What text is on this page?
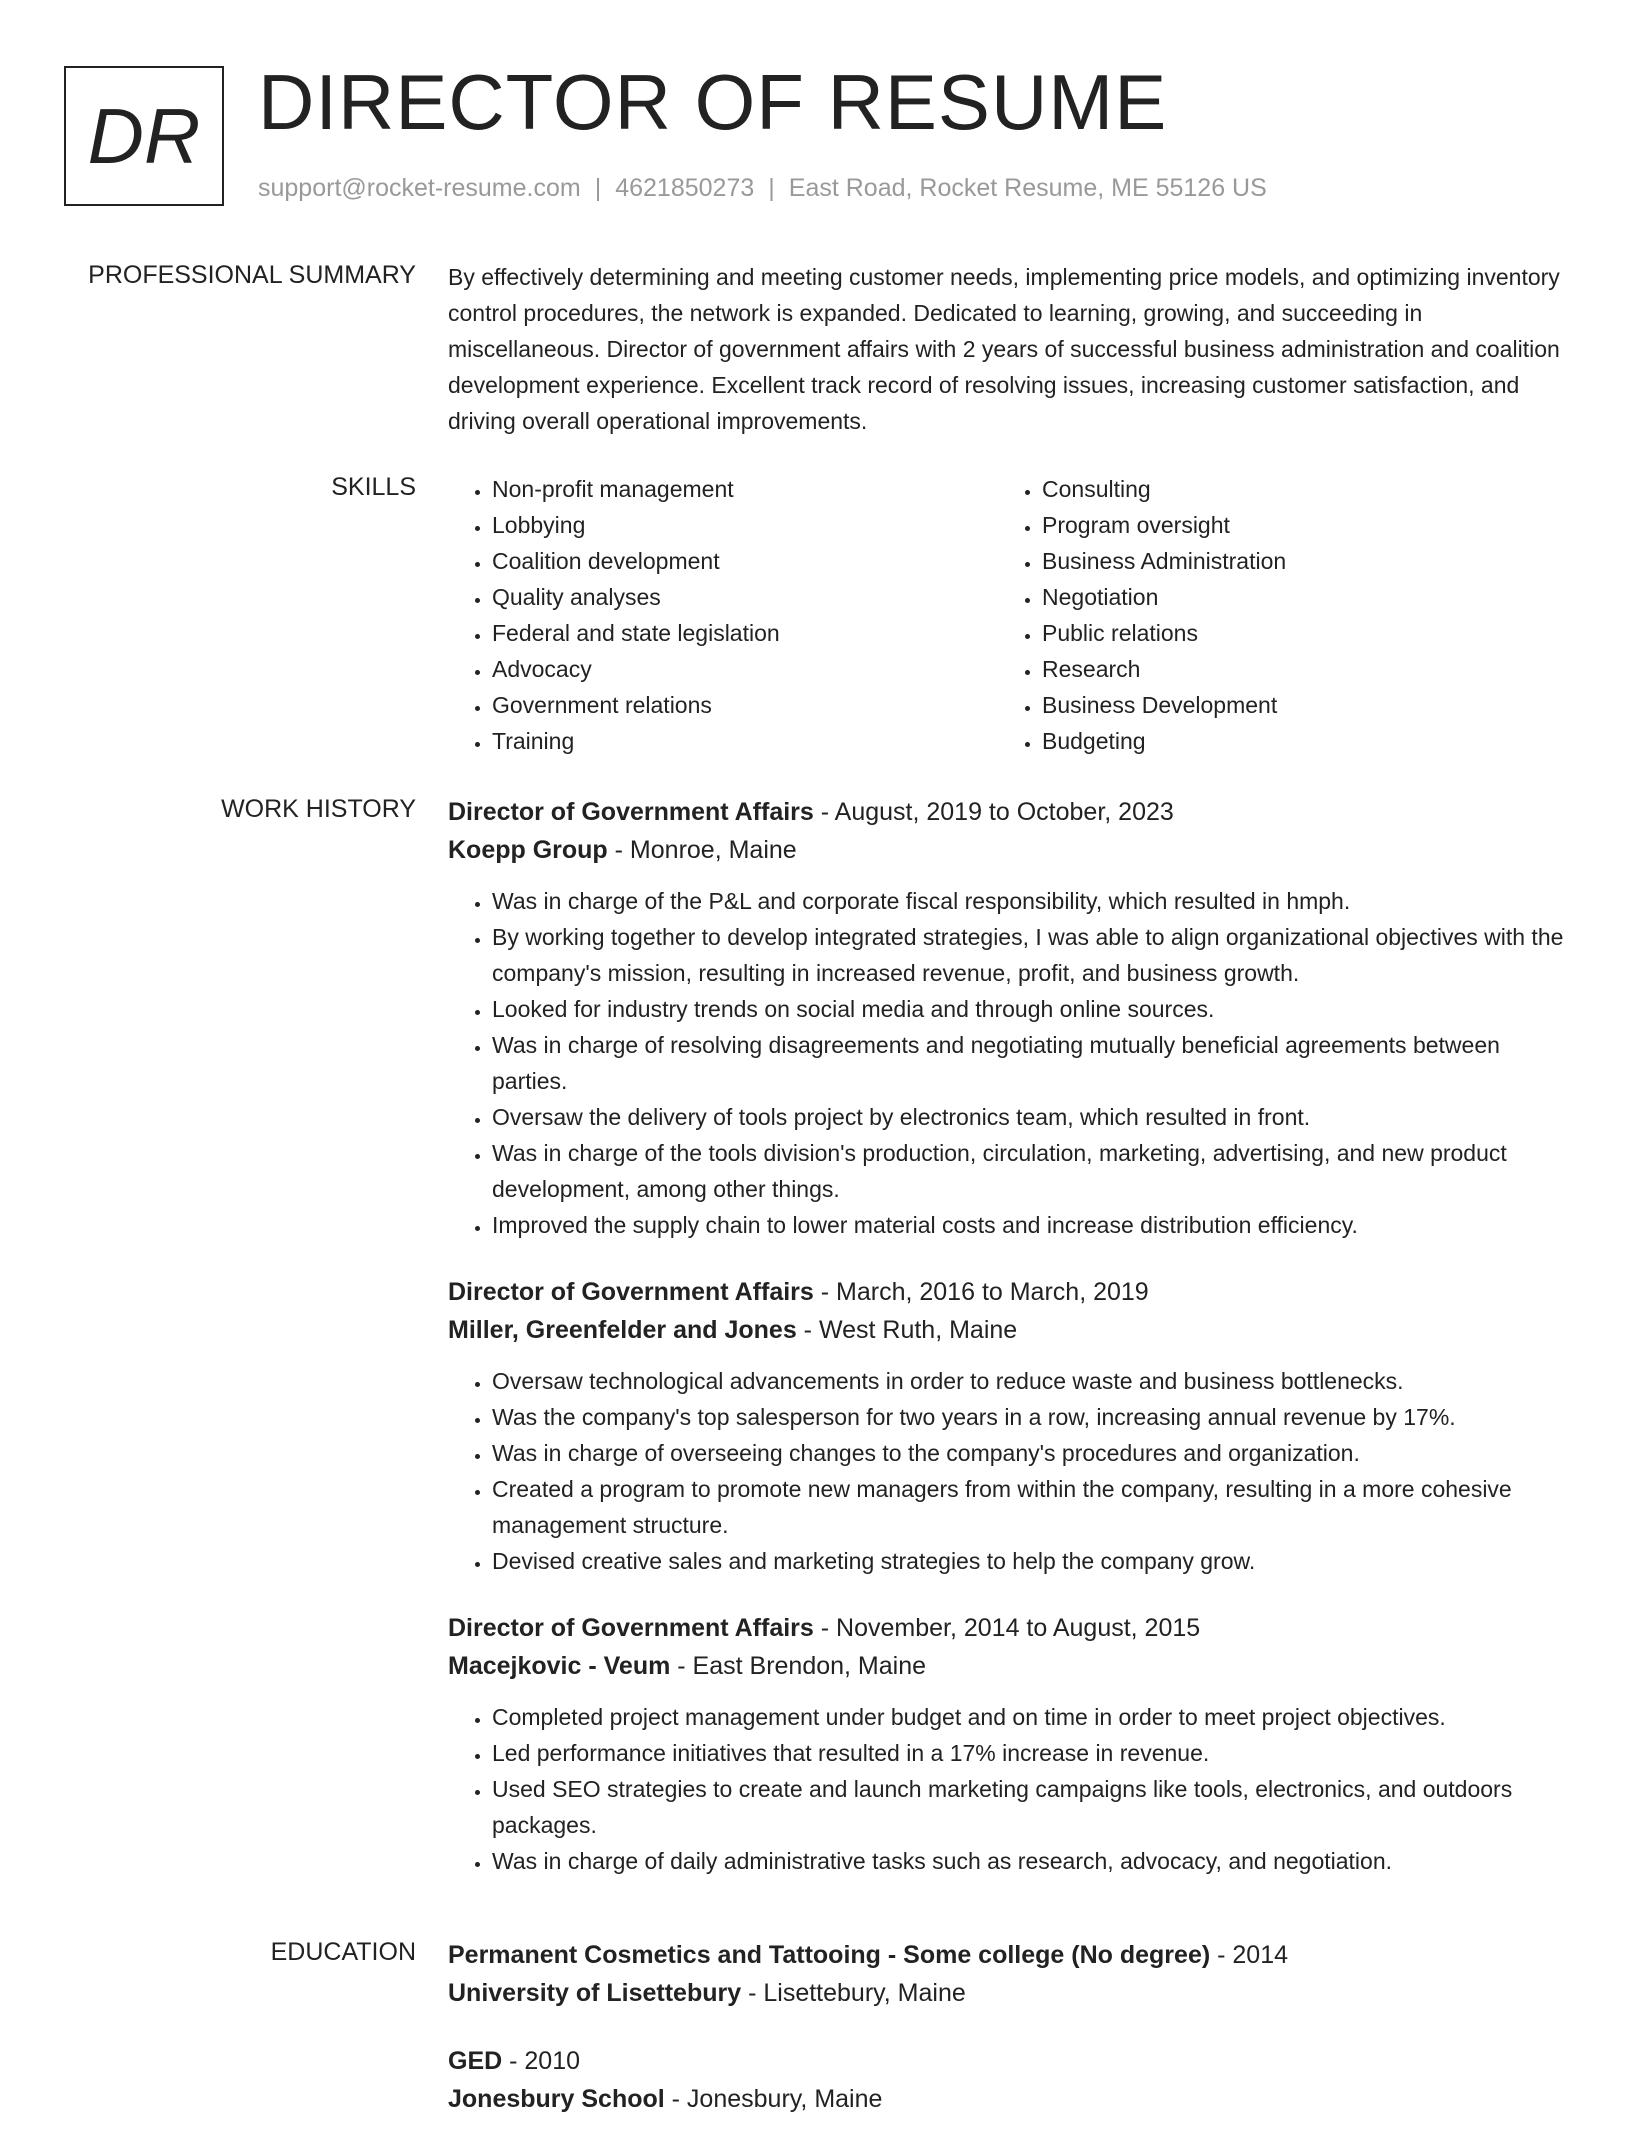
DR DIRECTOR OF RESUME
support@rocket-resume.com | 4621850273 | East Road, Rocket Resume, ME 55126 US
PROFESSIONAL SUMMARY By effectively determining and meeting customer needs, implementing price models, and optimizing inventory control procedures, the network is expanded. Dedicated to learning, growing, and succeeding in miscellaneous. Director of government affairs with 2 years of successful business administration and coalition development experience. Excellent track record of resolving issues, increasing customer satisfaction, and driving overall operational improvements.

SKILLS
•	Non-profit management
• Lobbying
• Coalition development
• Quality analyses
• Federal and state legislation
• Advocacy
• Government relations
• Training
• Consulting
• Program oversight
• Business Administration
• Negotiation
• Public relations
• Research
• Business Development
• Budgeting
WORK HISTORY Director of Government Affairs - August, 2019 to October, 2023
Koepp Group - Monroe, Maine
• Was in charge of the P&L and corporate fiscal responsibility, which resulted in hmph.
• By working together to develop integrated strategies, I was able to align organizational objectives with the company's mission, resulting in increased revenue, profit, and business growth.
• Looked for industry trends on social media and through online sources.
• Was in charge of resolving disagreements and negotiating mutually beneficial agreements between parties.
• Oversaw the delivery of tools project by electronics team, which resulted in front.
• Was in charge of the tools division's production, circulation, marketing, advertising, and new product development, among other things.
• Improved the supply chain to lower material costs and increase distribution efficiency.
Director of Government Affairs - March, 2016 to March, 2019
Miller, Greenfelder and Jones - West Ruth, Maine
• Oversaw technological advancements in order to reduce waste and business bottlenecks.
• Was the company's top salesperson for two years in a row, increasing annual revenue by 17%.
• Was in charge of overseeing changes to the company's procedures and organization.
• Created a program to promote new managers from within the company, resulting in a more cohesive management structure.
• Devised creative sales and marketing strategies to help the company grow.
Director of Government Affairs - November, 2014 to August, 2015
Macejkovic - Veum - East Brendon, Maine
• Completed project management under budget and on time in order to meet project objectives.
• Led performance initiatives that resulted in a 17% increase in revenue.
• Used SEO strategies to create and launch marketing campaigns like tools, electronics, and outdoors packages.
• Was in charge of daily administrative tasks such as research, advocacy, and negotiation.
EDUCATION Permanent Cosmetics and Tattooing - Some college (No degree) - 2014
University of Lisettebury - Lisettebury, Maine
GED - 2010
Jonesbury School - Jonesbury, Maine
